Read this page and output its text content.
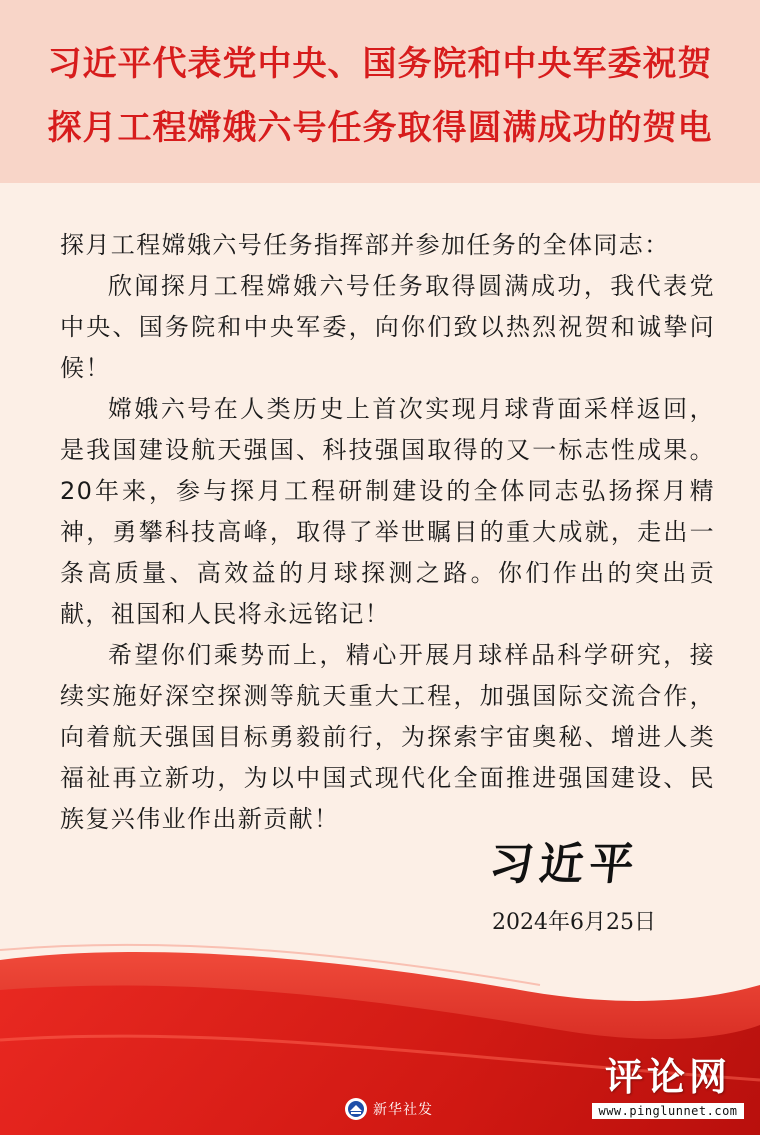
习近平代表党中央、国务院和中央军委祝贺
探月工程嫦娥六号任务取得圆满成功的贺电

探月工程嫦娥六号任务指挥部并参加任务的全体同志：

欣闻探月工程嫦娥六号任务取得圆满成功，我代表党中央、国务院和中央军委，向你们致以热烈祝贺和诚挚问候！

嫦娥六号在人类历史上首次实现月球背面采样返回，是我国建设航天强国、科技强国取得的又一标志性成果。20年来，参与探月工程研制建设的全体同志弘扬探月精神，勇攀科技高峰，取得了举世瞩目的重大成就，走出一条高质量、高效益的月球探测之路。你们作出的突出贡献，祖国和人民将永远铭记！

希望你们乘势而上，精心开展月球样品科学研究，接续实施好深空探测等航天重大工程，加强国际交流合作，向着航天强国目标勇毅前行，为探索宇宙奥秘、增进人类福祉再立新功，为以中国式现代化全面推进强国建设、民族复兴伟业作出新贡献！

习近平
2024年6月25日
新华社发
评论网
www.pinglunnet.com
